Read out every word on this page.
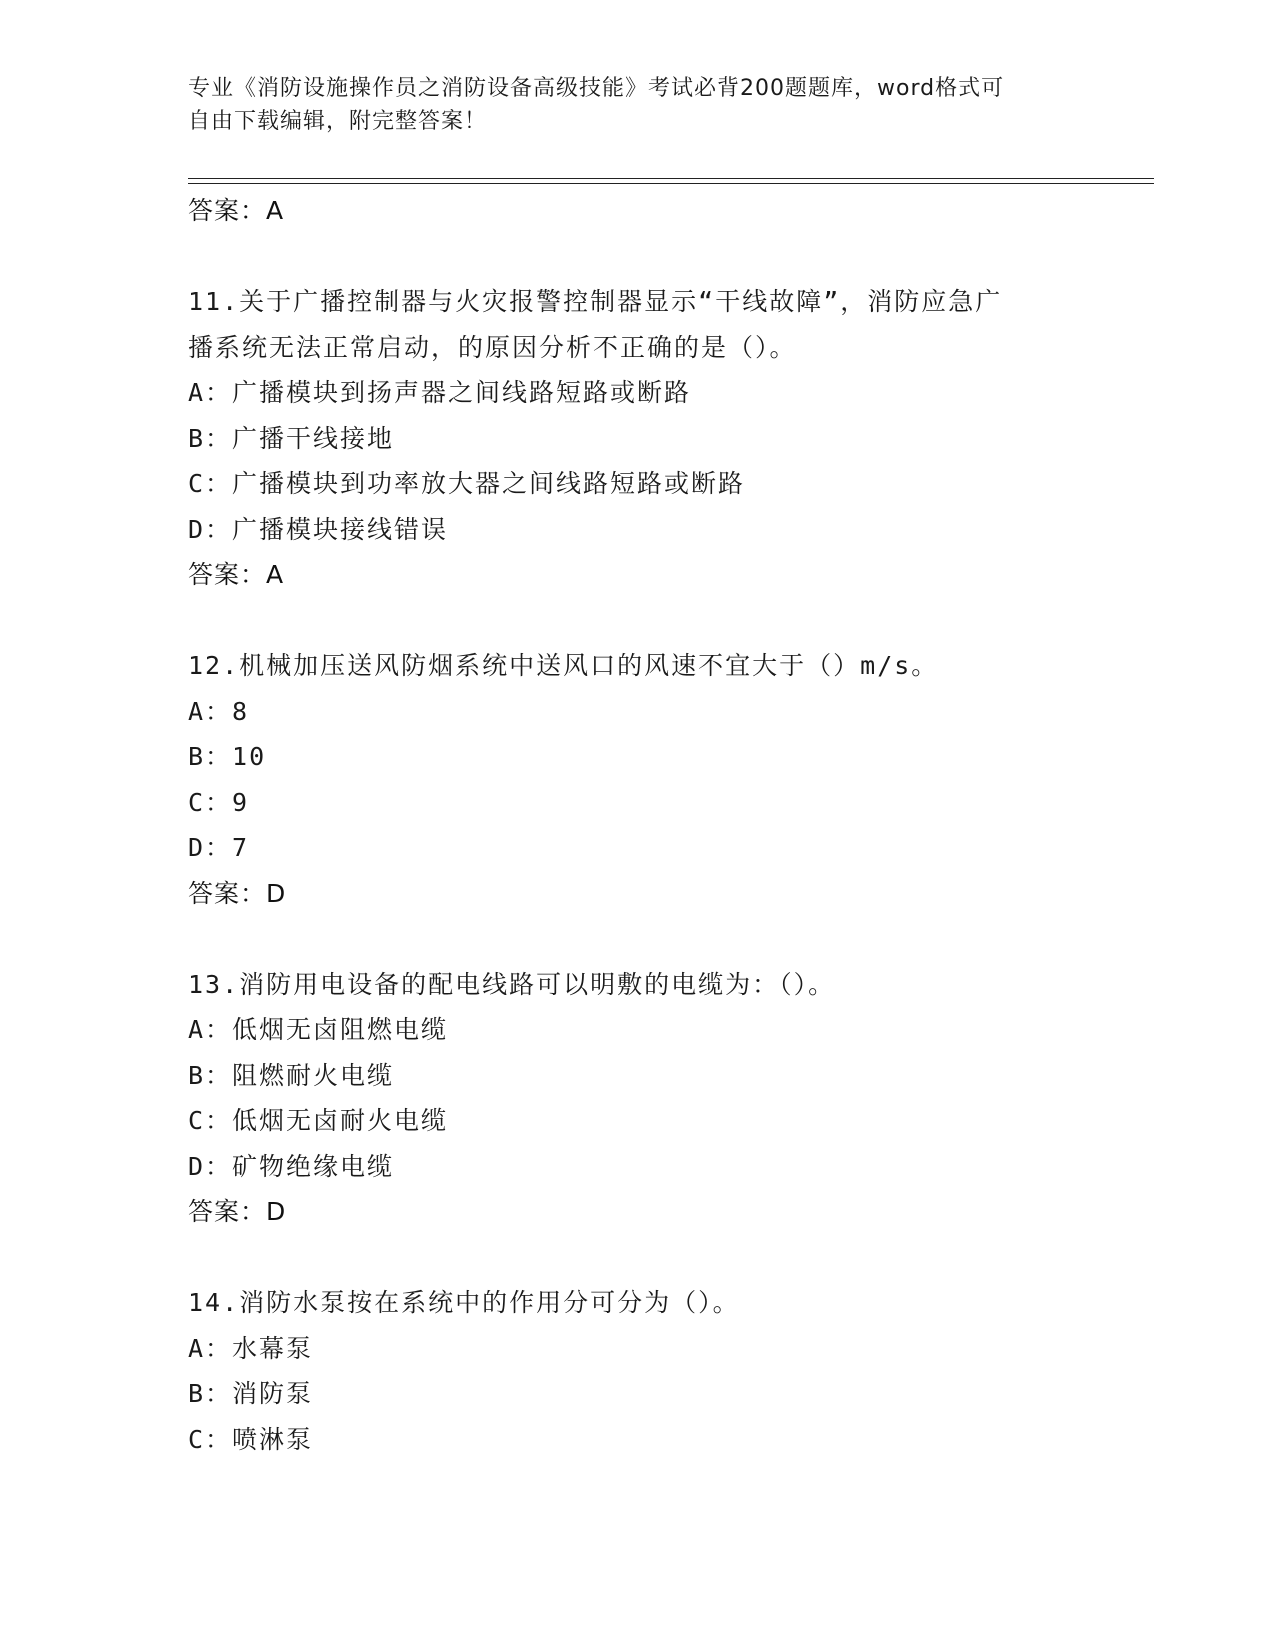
专业《消防设施操作员之消防设备高级技能》考试必背200题题库，word格式可
自由下载编辑，附完整答案！
答案：A
11.关于广播控制器与火灾报警控制器显示“干线故障”，消防应急广
播系统无法正常启动，的原因分析不正确的是（）。
A：广播模块到扬声器之间线路短路或断路
B：广播干线接地
C：广播模块到功率放大器之间线路短路或断路
D：广播模块接线错误
答案：A
12.机械加压送风防烟系统中送风口的风速不宜大于（）m/s。
A：8
B：10
C：9
D：7
答案：D
13.消防用电设备的配电线路可以明敷的电缆为：（）。
A：低烟无卤阻燃电缆
B：阻燃耐火电缆
C：低烟无卤耐火电缆
D：矿物绝缘电缆
答案：D
14.消防水泵按在系统中的作用分可分为（）。
A：水幕泵
B：消防泵
C：喷淋泵
